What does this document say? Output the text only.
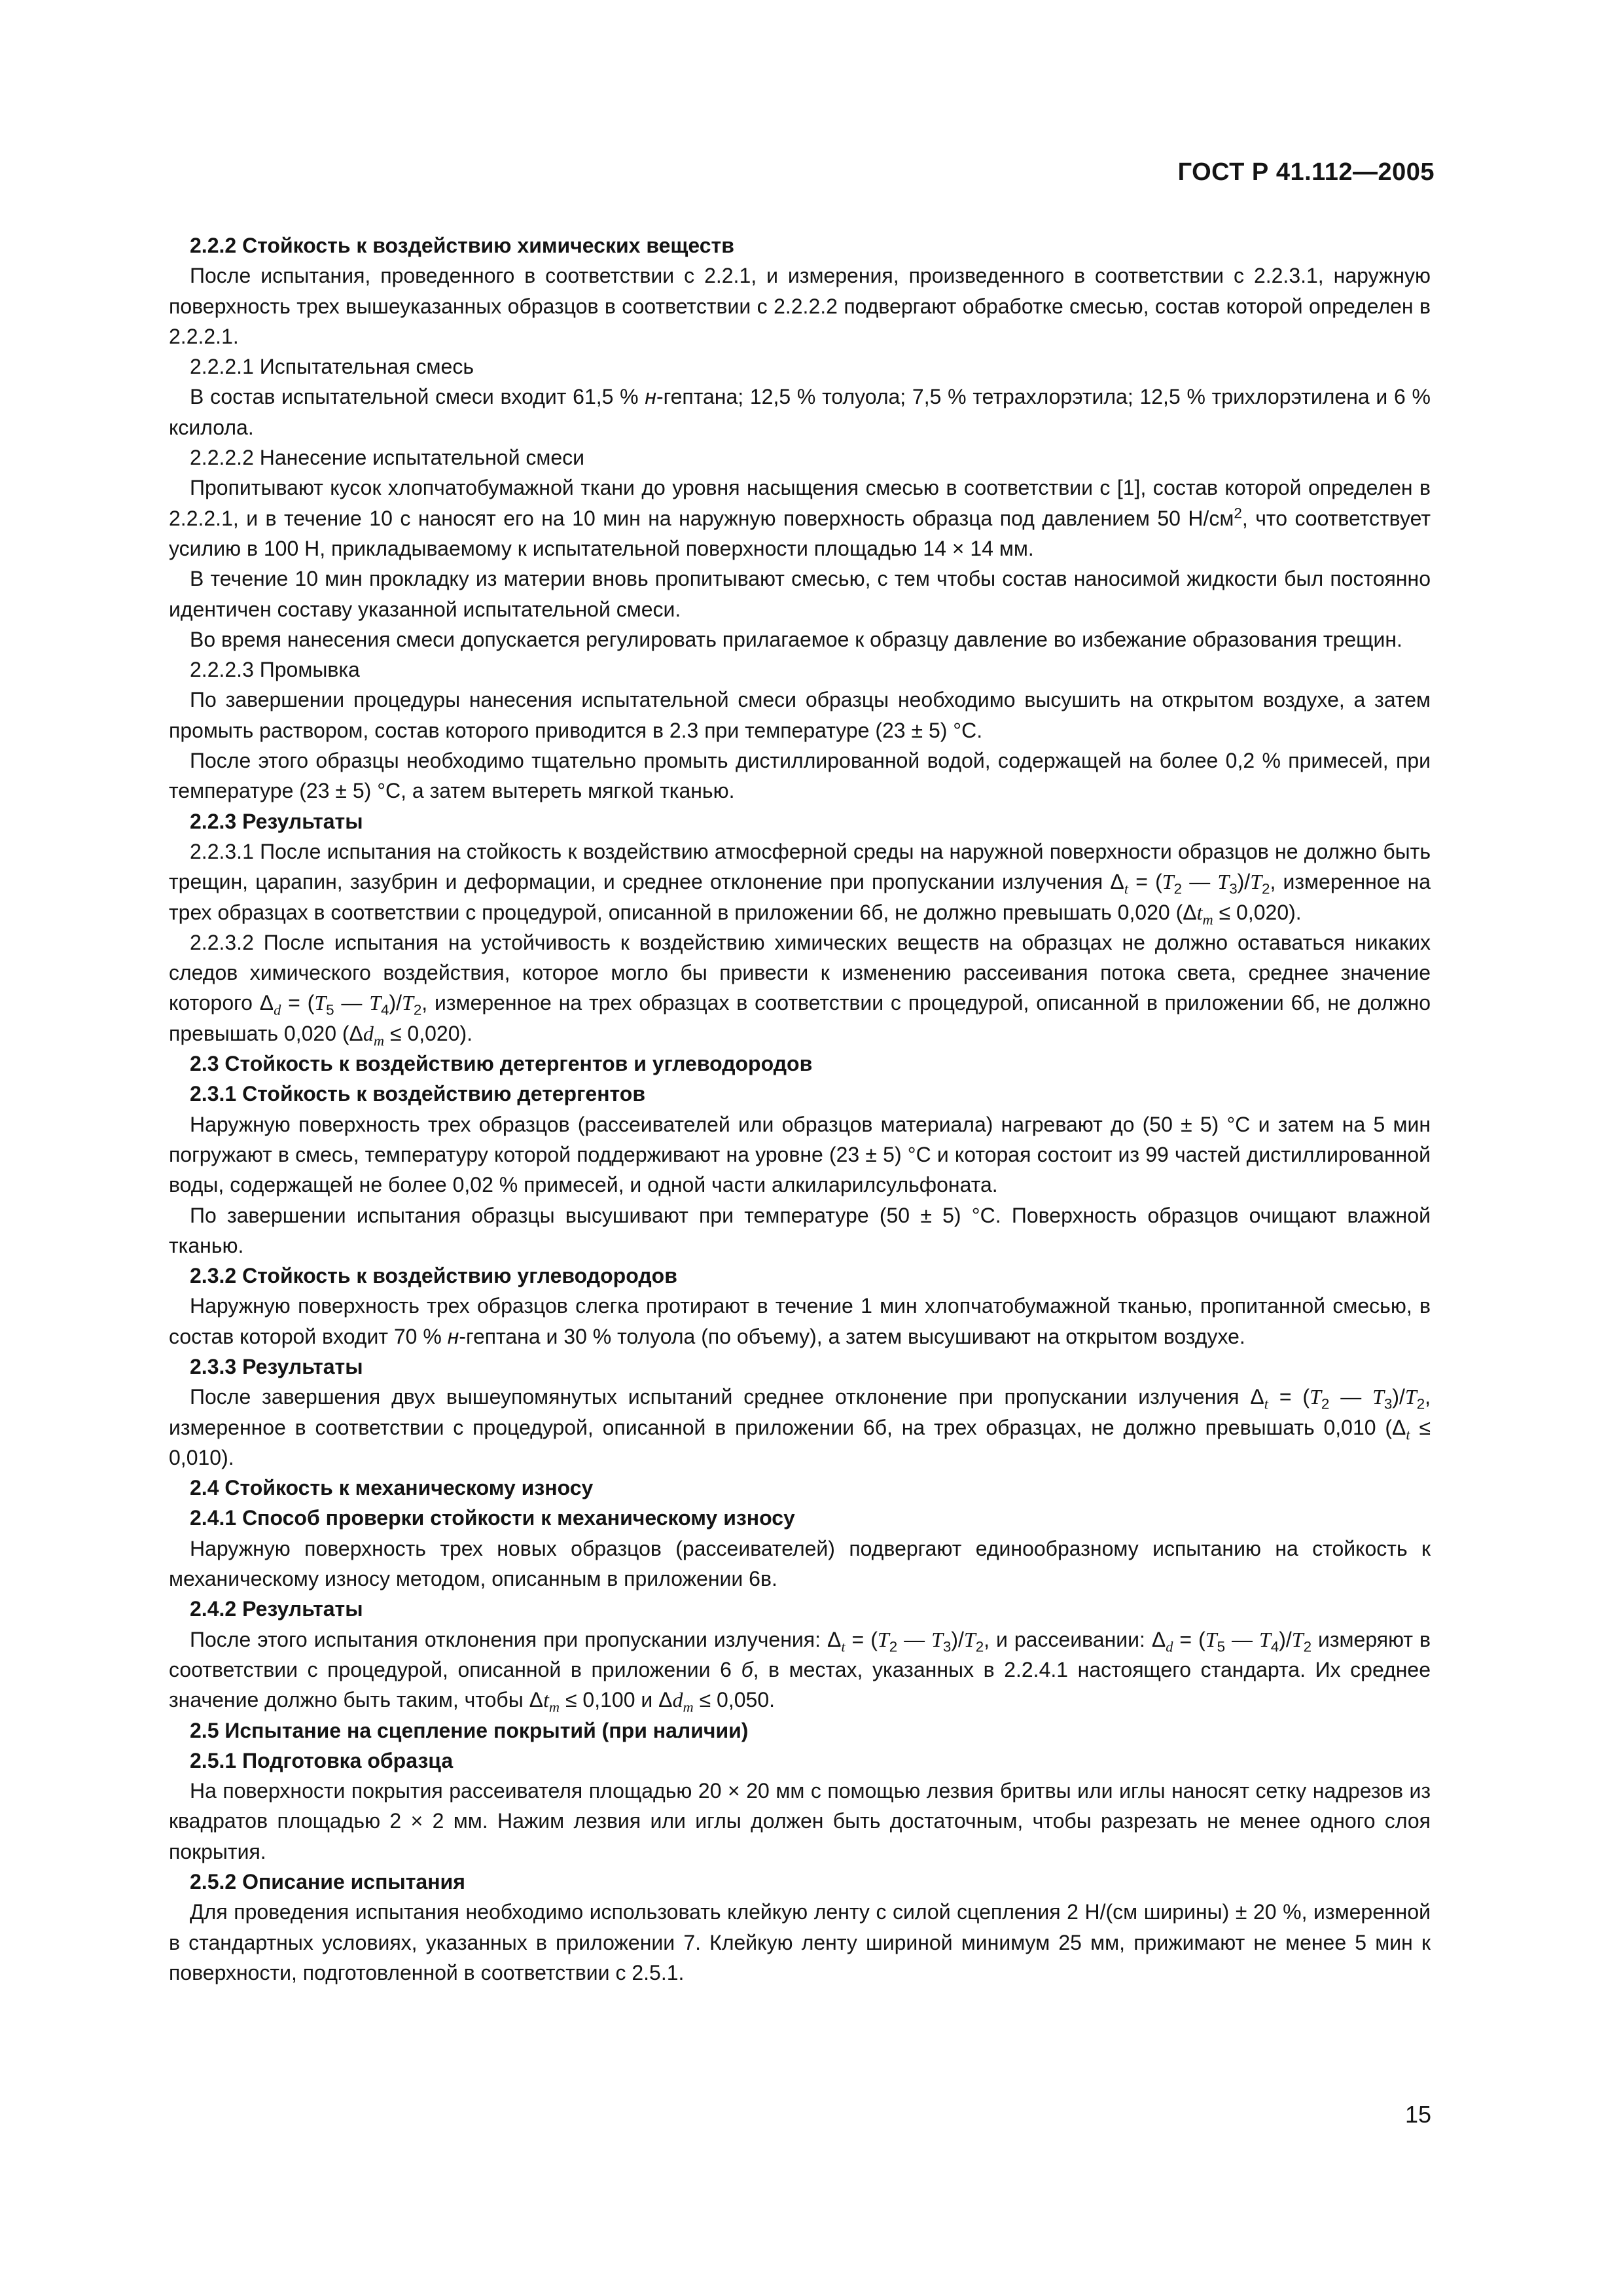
ГОСТ Р 41.112—2005

2.2.2 Стойкость к воздействию химических веществ

После испытания, проведенного в соответствии с 2.2.1, и измерения, произведенного в соответствии с 2.2.3.1, наружную поверхность трех вышеуказанных образцов в соответствии с 2.2.2.2 подвергают обработке смесью, состав которой определен в 2.2.2.1.

2.2.2.1 Испытательная смесь

В состав испытательной смеси входит 61,5 % н-гептана; 12,5 % толуола; 7,5 % тетрахлорэтила; 12,5 % трихлорэтилена и 6 % ксилола.

2.2.2.2 Нанесение испытательной смеси

Пропитывают кусок хлопчатобумажной ткани до уровня насыщения смесью в соответствии с [1], состав которой определен в 2.2.2.1, и в течение 10 с наносят его на 10 мин на наружную поверхность образца под давлением 50 $Н/см^2$, что соответствует усилию в 100 Н, прикладываемому к испытательной поверхности площадью 14 × 14 мм.

В течение 10 мин прокладку из материи вновь пропитывают смесью, с тем чтобы состав наносимой жидкости был постоянно идентичен составу указанной испытательной смеси.

Во время нанесения смеси допускается регулировать прилагаемое к образцу давление во избежание образования трещин.

2.2.2.3 Промывка

По завершении процедуры нанесения испытательной смеси образцы необходимо высушить на открытом воздухе, а затем промыть раствором, состав которого приводится в 2.3 при температуре (23 ± 5) °С.

После этого образцы необходимо тщательно промыть дистиллированной водой, содержащей на более 0,2 % примесей, при температуре (23 ± 5) °С, а затем вытереть мягкой тканью.

2.2.3 Результаты

2.2.3.1 После испытания на стойкость к воздействию атмосферной среды на наружной поверхности образцов не должно быть трещин, царапин, зазубрин и деформации, и среднее отклонение при пропускании излучения $\Delta_t = (T_2$ — $T_3)/T_2$, измеренное на трех образцах в соответствии с процедурой, описанной в приложении 6б, не должно превышать 0,020 $(\Delta t_m \le 0,020)$.

2.2.3.2 После испытания на устойчивость к воздействию химических веществ на образцах не должно оставаться никаких следов химического воздействия, которое могло бы привести к изменению рассеивания потока света, среднее значение которого $\Delta_d = (T_5$ — $T_4)/T_2$, измеренное на трех образцах в соответствии с процедурой, описанной в приложении 6б, не должно превышать 0,020 $(\Delta d_m \le 0,020)$.

2.3 Стойкость к воздействию детергентов и углеводородов

2.3.1 Стойкость к воздействию детергентов

Наружную поверхность трех образцов (рассеивателей или образцов материала) нагревают до (50 ± 5) °С и затем на 5 мин погружают в смесь, температуру которой поддерживают на уровне (23 ± 5) °С и которая состоит из 99 частей дистиллированной воды, содержащей не более 0,02 % примесей, и одной части алкиларилсульфоната.

По завершении испытания образцы высушивают при температуре (50 ± 5) °С. Поверхность образцов очищают влажной тканью.

2.3.2 Стойкость к воздействию углеводородов

Наружную поверхность трех образцов слегка протирают в течение 1 мин хлопчатобумажной тканью, пропитанной смесью, в состав которой входит 70 % н-гептана и 30 % толуола (по объему), а затем высушивают на открытом воздухе.

2.3.3 Результаты

После завершения двух вышеупомянутых испытаний среднее отклонение при пропускании излучения $\Delta_t = (T_2$ — $T_3)/T_2$, измеренное в соответствии с процедурой, описанной в приложении 6б, на трех образцах, не должно превышать 0,010 $(\Delta_t \le 0,010)$.

2.4 Стойкость к механическому износу

2.4.1 Способ проверки стойкости к механическому износу

Наружную поверхность трех новых образцов (рассеивателей) подвергают единообразному испытанию на стойкость к механическому износу методом, описанным в приложении 6в.

2.4.2 Результаты

После этого испытания отклонения при пропускании излучения: $\Delta_t = (T_2$ — $T_3)/T_2$, и рассеивании: $\Delta_d = (T_5$ — $T_4)/T_2$ измеряют в соответствии с процедурой, описанной в приложении 6 б, в местах, указанных в 2.2.4.1 настоящего стандарта. Их среднее значение должно быть таким, чтобы $\Delta t_m \le 0,100$ и $\Delta d_m \le 0,050$.

2.5 Испытание на сцепление покрытий (при наличии)

2.5.1 Подготовка образца

На поверхности покрытия рассеивателя площадью 20 × 20 мм с помощью лезвия бритвы или иглы наносят сетку надрезов из квадратов площадью 2 × 2 мм. Нажим лезвия или иглы должен быть достаточным, чтобы разрезать не менее одного слоя покрытия.

2.5.2 Описание испытания

Для проведения испытания необходимо использовать клейкую ленту с силой сцепления 2 Н/(см ширины) ± 20 %, измеренной в стандартных условиях, указанных в приложении 7. Клейкую ленту шириной минимум 25 мм, прижимают не менее 5 мин к поверхности, подготовленной в соответствии с 2.5.1.

15
